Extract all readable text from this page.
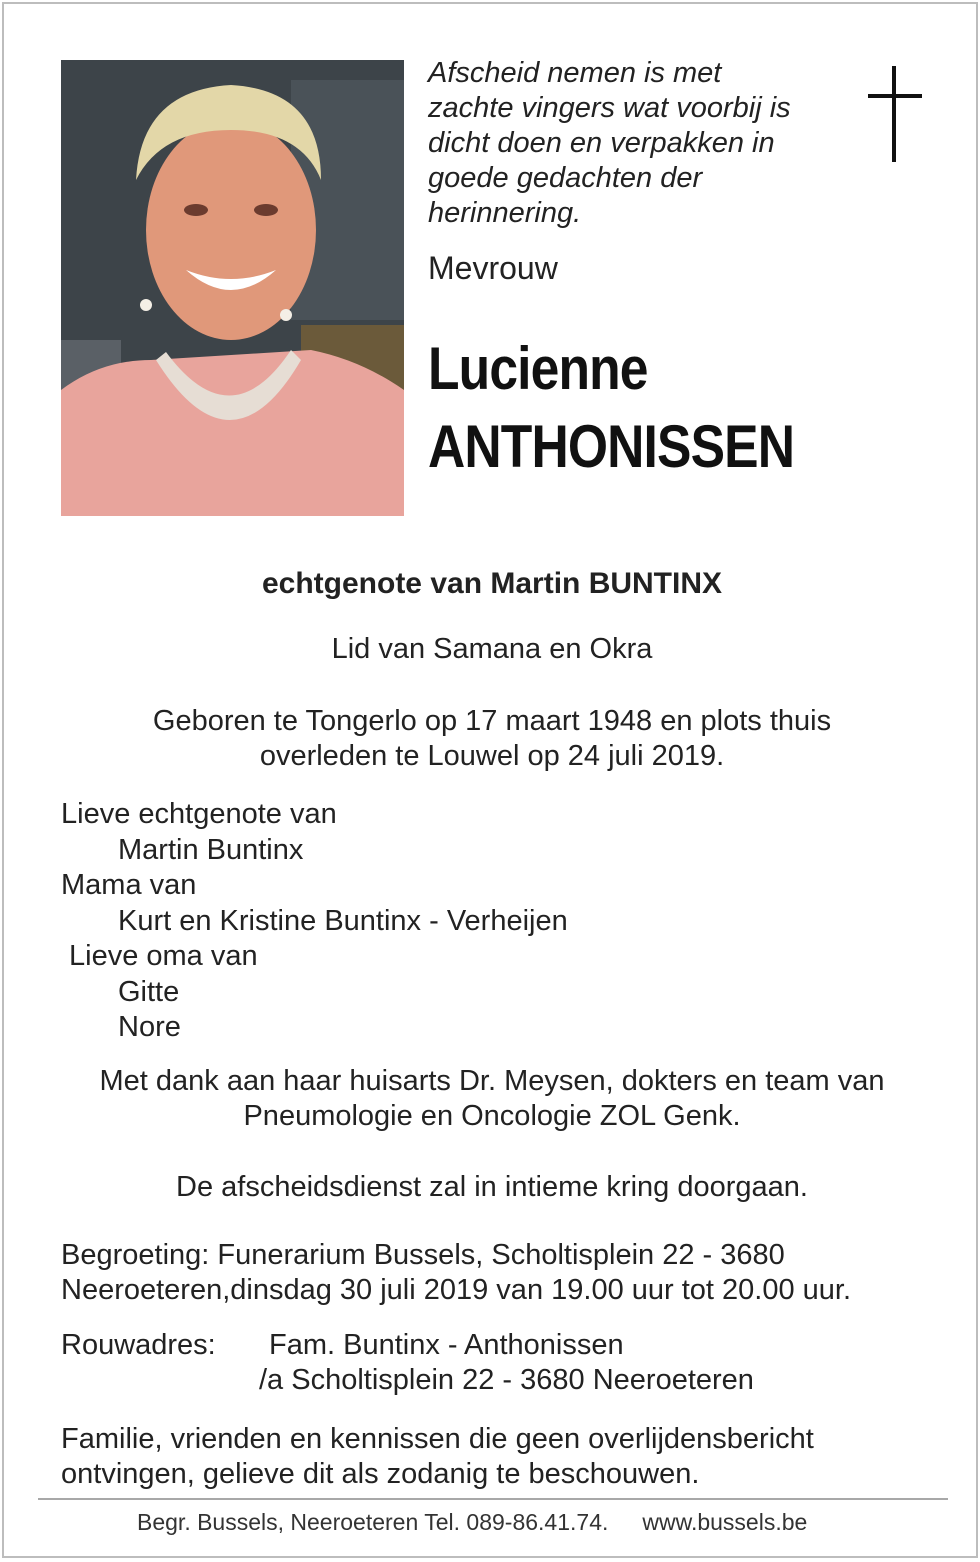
Afscheid nemen is met
zachte vingers wat voorbij is
dicht doen en verpakken in
goede gedachten der
herinnering.
Mevrouw
Lucienne
ANTHONISSEN
echtgenote van Martin BUNTINX
Lid van Samana en Okra
Geboren te Tongerlo op 17 maart 1948 en plots thuis
overleden te Louwel op 24 juli 2019.
Lieve echtgenote van
Martin Buntinx
Mama van
Kurt en Kristine Buntinx - Verheijen
Lieve oma van
Gitte
Nore
Met dank aan haar huisarts Dr. Meysen, dokters en team van
Pneumologie en Oncologie ZOL Genk.
De afscheidsdienst zal in intieme kring doorgaan.
Begroeting: Funerarium Bussels, Scholtisplein 22 - 3680
Neeroeteren,dinsdag 30 juli 2019 van 19.00 uur tot 20.00 uur.
Rouwadres:	Fam. Buntinx - Anthonissen
/a Scholtisplein 22 - 3680 Neeroeteren
Familie, vrienden en kennissen die geen overlijdensbericht
ontvingen, gelieve dit als zodanig te beschouwen.
Begr. Bussels, Neeroeteren Tel. 089-86.41.74. www.bussels.be
